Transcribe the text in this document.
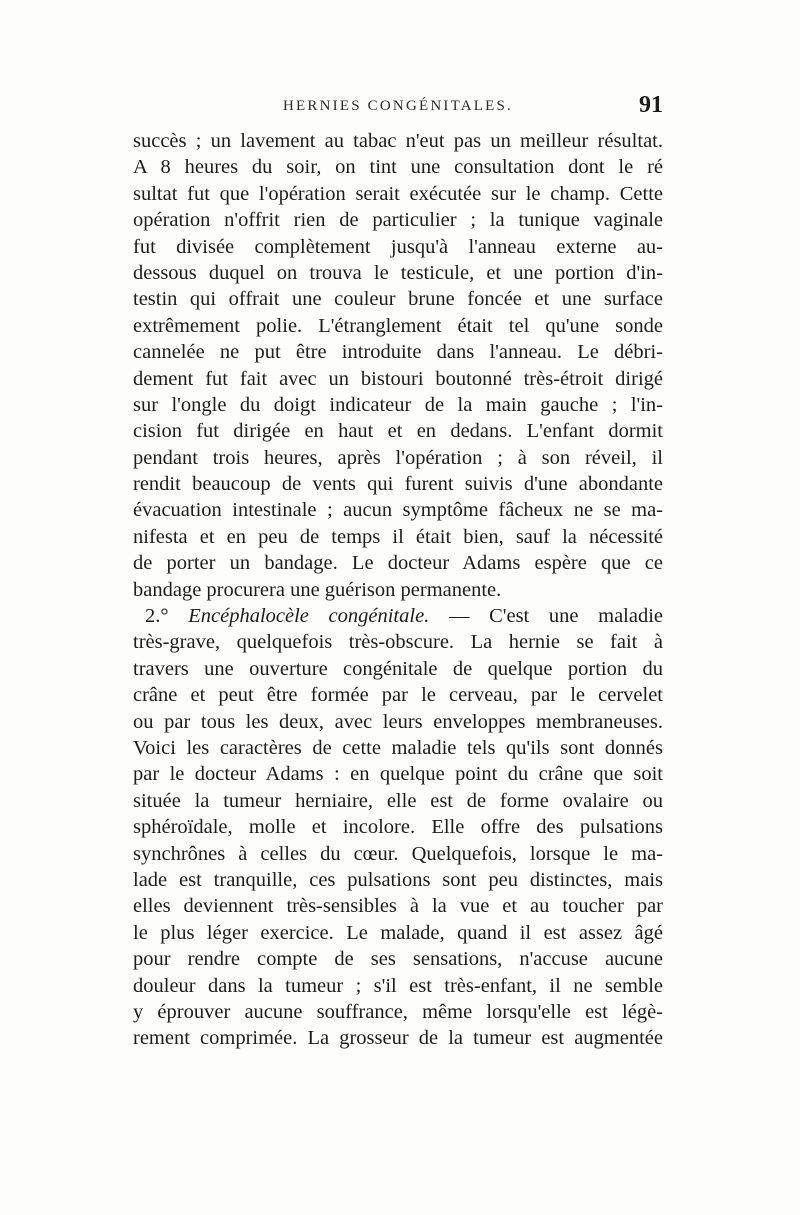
HERNIES CONGÉNITALES.	91
succès ; un lavement au tabac n'eut pas un meilleur résultat.
A 8 heures du soir, on tint une consultation dont le ré
sultat fut que l'opération serait exécutée sur le champ. Cette
opération n'offrit rien de particulier ; la tunique vaginale
fut divisée complètement jusqu'à l'anneau externe au-
dessous duquel on trouva le testicule, et une portion d'in-
testin qui offrait une couleur brune foncée et une surface
extrêmement polie. L'étranglement était tel qu'une sonde
cannelée ne put être introduite dans l'anneau. Le débri-
dement fut fait avec un bistouri boutonné très-étroit dirigé
sur l'ongle du doigt indicateur de la main gauche ; l'in-
cision fut dirigée en haut et en dedans. L'enfant dormit
pendant trois heures, après l'opération ; à son réveil, il
rendit beaucoup de vents qui furent suivis d'une abondante
évacuation intestinale ; aucun symptôme fâcheux ne se ma-
nifesta et en peu de temps il était bien, sauf la nécessité
de porter un bandage. Le docteur Adams espère que ce
bandage procurera une guérison permanente.
2.° Encéphalocèle congénitale. — C'est une maladie
très-grave, quelquefois très-obscure. La hernie se fait à
travers une ouverture congénitale de quelque portion du
crâne et peut être formée par le cerveau, par le cervelet
ou par tous les deux, avec leurs enveloppes membraneuses.
Voici les caractères de cette maladie tels qu'ils sont donnés
par le docteur Adams : en quelque point du crâne que soit
située la tumeur herniaire, elle est de forme ovalaire ou
sphéroïdale, molle et incolore. Elle offre des pulsations
synchrônes à celles du cœur. Quelquefois, lorsque le ma-
lade est tranquille, ces pulsations sont peu distinctes, mais
elles deviennent très-sensibles à la vue et au toucher par
le plus léger exercice. Le malade, quand il est assez âgé
pour rendre compte de ses sensations, n'accuse aucune
douleur dans la tumeur ; s'il est très-enfant, il ne semble
y éprouver aucune souffrance, même lorsqu'elle est légè-
rement comprimée. La grosseur de la tumeur est augmentée
